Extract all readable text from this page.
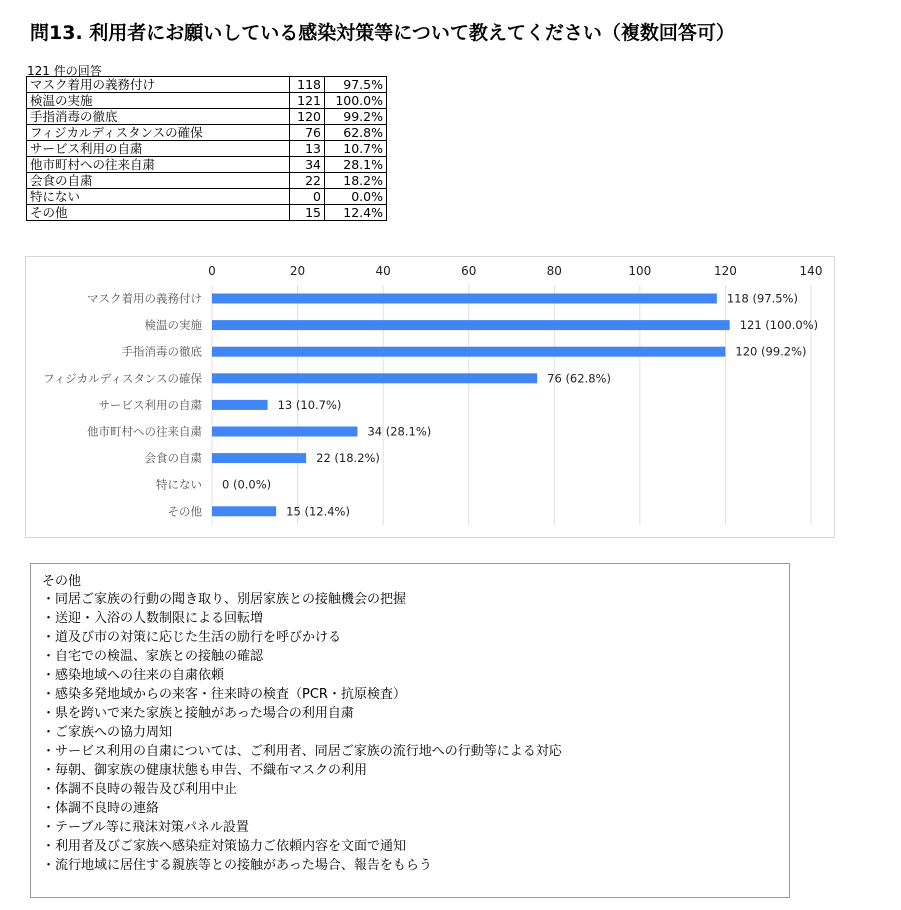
問13. 利用者にお願いしている感染対策等について教えてください（複数回答可）
121 件の回答
マスク着用の義務付け	118	97.5%
検温の実施	121	100.0%
手指消毒の徹底	120	99.2%
フィジカルディスタンスの確保	76	62.8%
サービス利用の自粛	13	10.7%
他市町村への往来自粛	34	28.1%
会食の自粛	22	18.2%
特にない	0	0.0%
その他	15	12.4%
0	20	40	60	80	100	120	140
マスク着用の義務付け	118 (97.5%)
検温の実施	121 (100.0%)
手指消毒の徹底	120 (99.2%)
フィジカルディスタンスの確保	76 (62.8%)
サービス利用の自粛	13 (10.7%)
他市町村への往来自粛	34 (28.1%)
会食の自粛	22 (18.2%)
特にない 0 (0.0%)
その他	15 (12.4%)
その他
・同居ご家族の行動の聞き取り、別居家族との接触機会の把握
・送迎・入浴の人数制限による回転増
・道及び市の対策に応じた生活の励行を呼びかける
・自宅での検温、家族との接触の確認
・感染地域への往来の自粛依頼
・感染多発地域からの来客・往来時の検査（PCR・抗原検査）
・県を跨いで来た家族と接触があった場合の利用自粛
・ご家族への協力周知
・サービス利用の自粛については、ご利用者、同居ご家族の流行地への行動等による対応
・毎朝、御家族の健康状態も申告、不織布マスクの利用
・体調不良時の報告及び利用中止
・体調不良時の連絡
・テーブル等に飛沫対策パネル設置
・利用者及びご家族へ感染症対策協力ご依頼内容を文面で通知
・流行地域に居住する親族等との接触があった場合、報告をもらう
